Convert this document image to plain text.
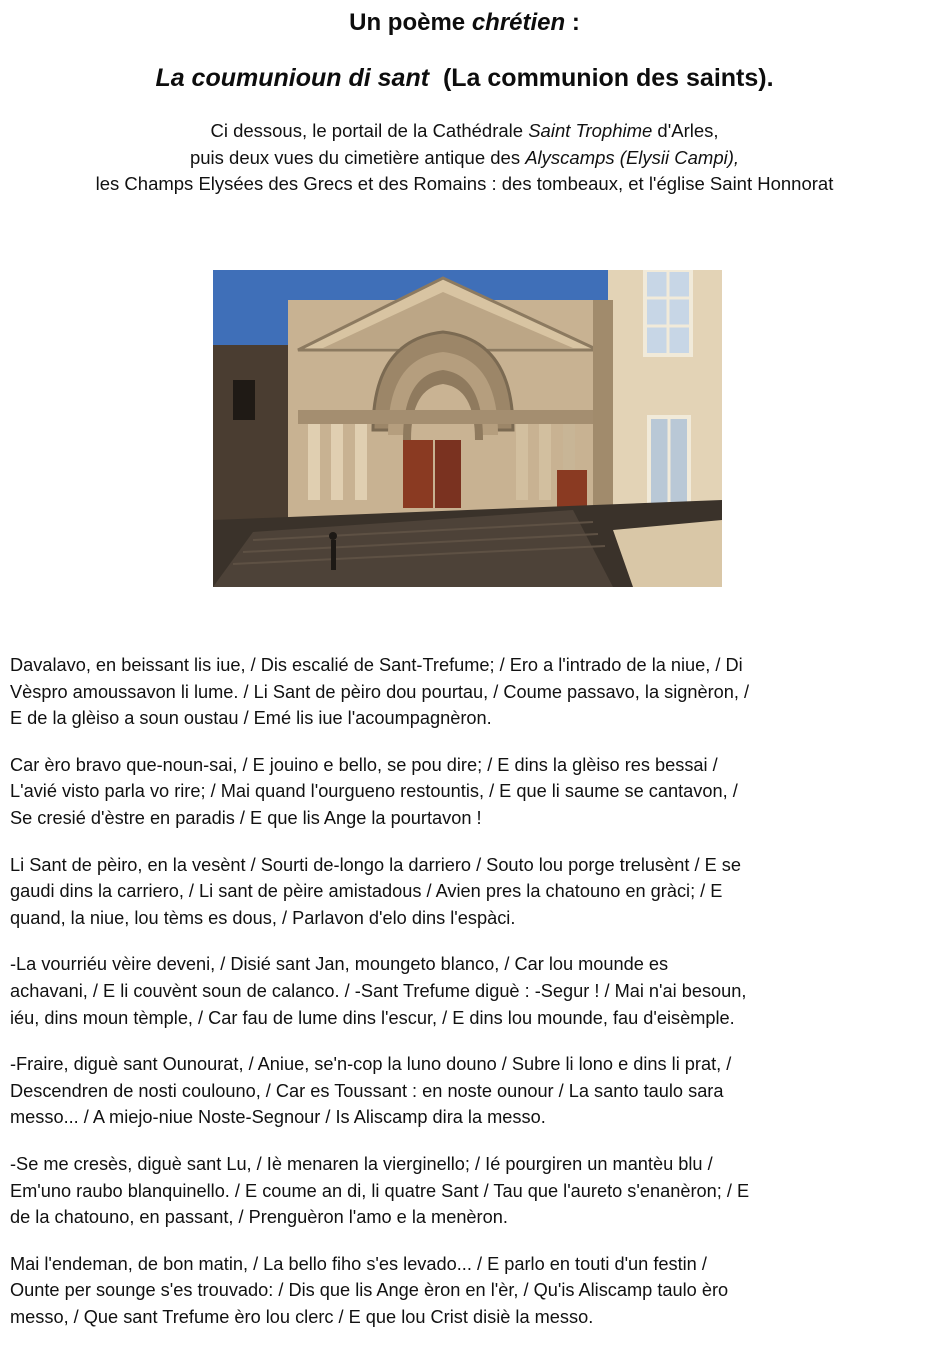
Un poème chrétien :
La coumunioun di sant (La communion des saints).
Ci dessous, le portail de la Cathédrale Saint Trophime d'Arles,
puis deux vues du cimetière antique des Alyscamps (Elysii Campi),
les Champs Elysées des Grecs et des Romains : des tombeaux, et l'église Saint Honnorat

Davalavo, en beissant lis iue, / Dis escalié de Sant-Trefume; / Ero a l'intrado de la niue, / Di
Vèspro amoussavon li lume. / Li Sant de pèiro dou pourtau, / Coume passavo, la signèron, /
E de la glèiso a soun oustau / Emé lis iue l'acoumpagnèron.

Car èro bravo que-noun-sai, / E jouino e bello, se pou dire; / E dins la glèiso res bessai /
L'avié visto parla vo rire; / Mai quand l'ourgueno restountis, / E que li saume se cantavon, /
Se cresié d'èstre en paradis / E que lis Ange la pourtavon !

Li Sant de pèiro, en la vesènt / Sourti de-longo la darriero / Souto lou porge trelusènt / E se
gaudi dins la carriero, / Li sant de pèire amistadous / Avien pres la chatouno en gràci; / E
quand, la niue, lou tèms es dous, / Parlavon d'elo dins l'espàci.

-La vourriéu vèire deveni, / Disié sant Jan, moungeto blanco, / Car lou mounde es
achavani, / E li couvènt soun de calanco. / -Sant Trefume diguè : -Segur ! / Mai n'ai besoun,
iéu, dins moun tèmple, / Car fau de lume dins l'escur, / E dins lou mounde, fau d'eisèmple.

-Fraire, diguè sant Ounourat, / Aniue, se'n-cop la luno douno / Subre li lono e dins li prat, /
Descendren de nosti coulouno, / Car es Toussant : en noste ounour / La santo taulo sara
messo... / A miejo-niue Noste-Segnour / Is Aliscamp dira la messo.

-Se me cresès, diguè sant Lu, / Iè menaren la vierginello; / Ié pourgiren un mantèu blu /
Em'uno raubo blanquinello. / E coume an di, li quatre Sant / Tau que l'aureto s'enanèron; / E
de la chatouno, en passant, / Prenguèron l'amo e la menèron.

Mai l'endeman, de bon matin, / La bello fiho s'es levado... / E parlo en touti d'un festin /
Ounte per sounge s'es trouvado: / Dis que lis Ange èron en l'èr, / Qu'is Aliscamp taulo èro
messo, / Que sant Trefume èro lou clerc / E que lou Crist disiè la messo.
